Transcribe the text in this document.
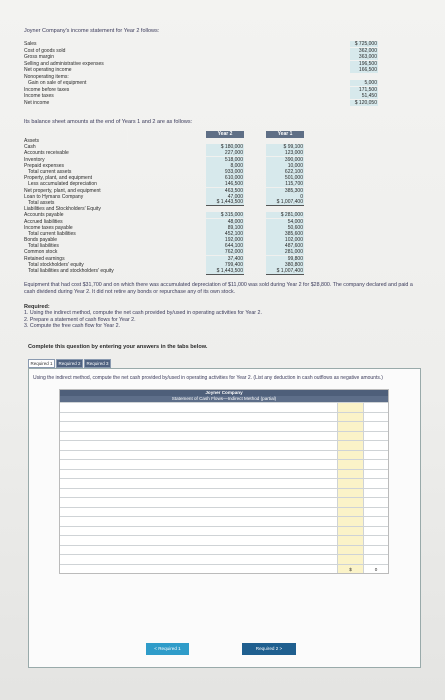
Joyner Company's income statement for Year 2 follows:
Sales	$ 725,000
Cost of goods sold	362,000
Gross margin	363,000
Selling and administrative expenses	196,500
Net operating income	166,500
Nonoperating items:
Gain on sale of equipment	5,000
Income before taxes	171,500
Income taxes	51,450
Net income	$ 120,050
Its balance sheet amounts at the end of Years 1 and 2 are as follows:
Year 2	Year 1
Assets
Cash	$ 180,000	$ 99,100
Accounts receivable	227,000	123,000
Inventory	518,000	390,000
Prepaid expenses	8,000	10,000
Total current assets	933,000	622,100
Property, plant, and equipment	610,000	501,000
Less accumulated depreciation	146,500	115,700
Net property, plant, and equipment	463,500	385,300
Loan to Hymans Company	47,000	0
Total assets	$ 1,443,500	$ 1,007,400
Liabilities and Stockholders' Equity
Accounts payable	$ 315,000	$ 281,000
Accrued liabilities	48,000	54,000
Income taxes payable	89,100	50,600
Total current liabilities	452,100	385,600
Bonds payable	192,000	102,000
Total liabilities	644,100	487,600
Common stock	762,000	281,000
Retained earnings	37,400	99,800
Total stockholders' equity	799,400	380,800
Total liabilities and stockholders' equity	$ 1,443,500	$ 1,007,400
Equipment that had cost $31,700 and on which there was accumulated depreciation of $11,000 was sold during Year 2 for $28,800. The company declared and paid a cash dividend during Year 2. It did not retire any bonds or repurchase any of its own stock.
Required:
1. Using the indirect method, compute the net cash provided by/used in operating activities for Year 2.
2. Prepare a statement of cash flows for Year 2.
3. Compute the free cash flow for Year 2.
Complete this question by entering your answers in the tabs below.
Required 1	Required 2	Required 3
Using the indirect method, compute the net cash provided by/used in operating activities for Year 2. (List any deduction in cash outflows as negative amounts.)
Joyner Company
Statement of Cash Flows—Indirect Method (partial)
$	0
< Required 1	Required 2 >
